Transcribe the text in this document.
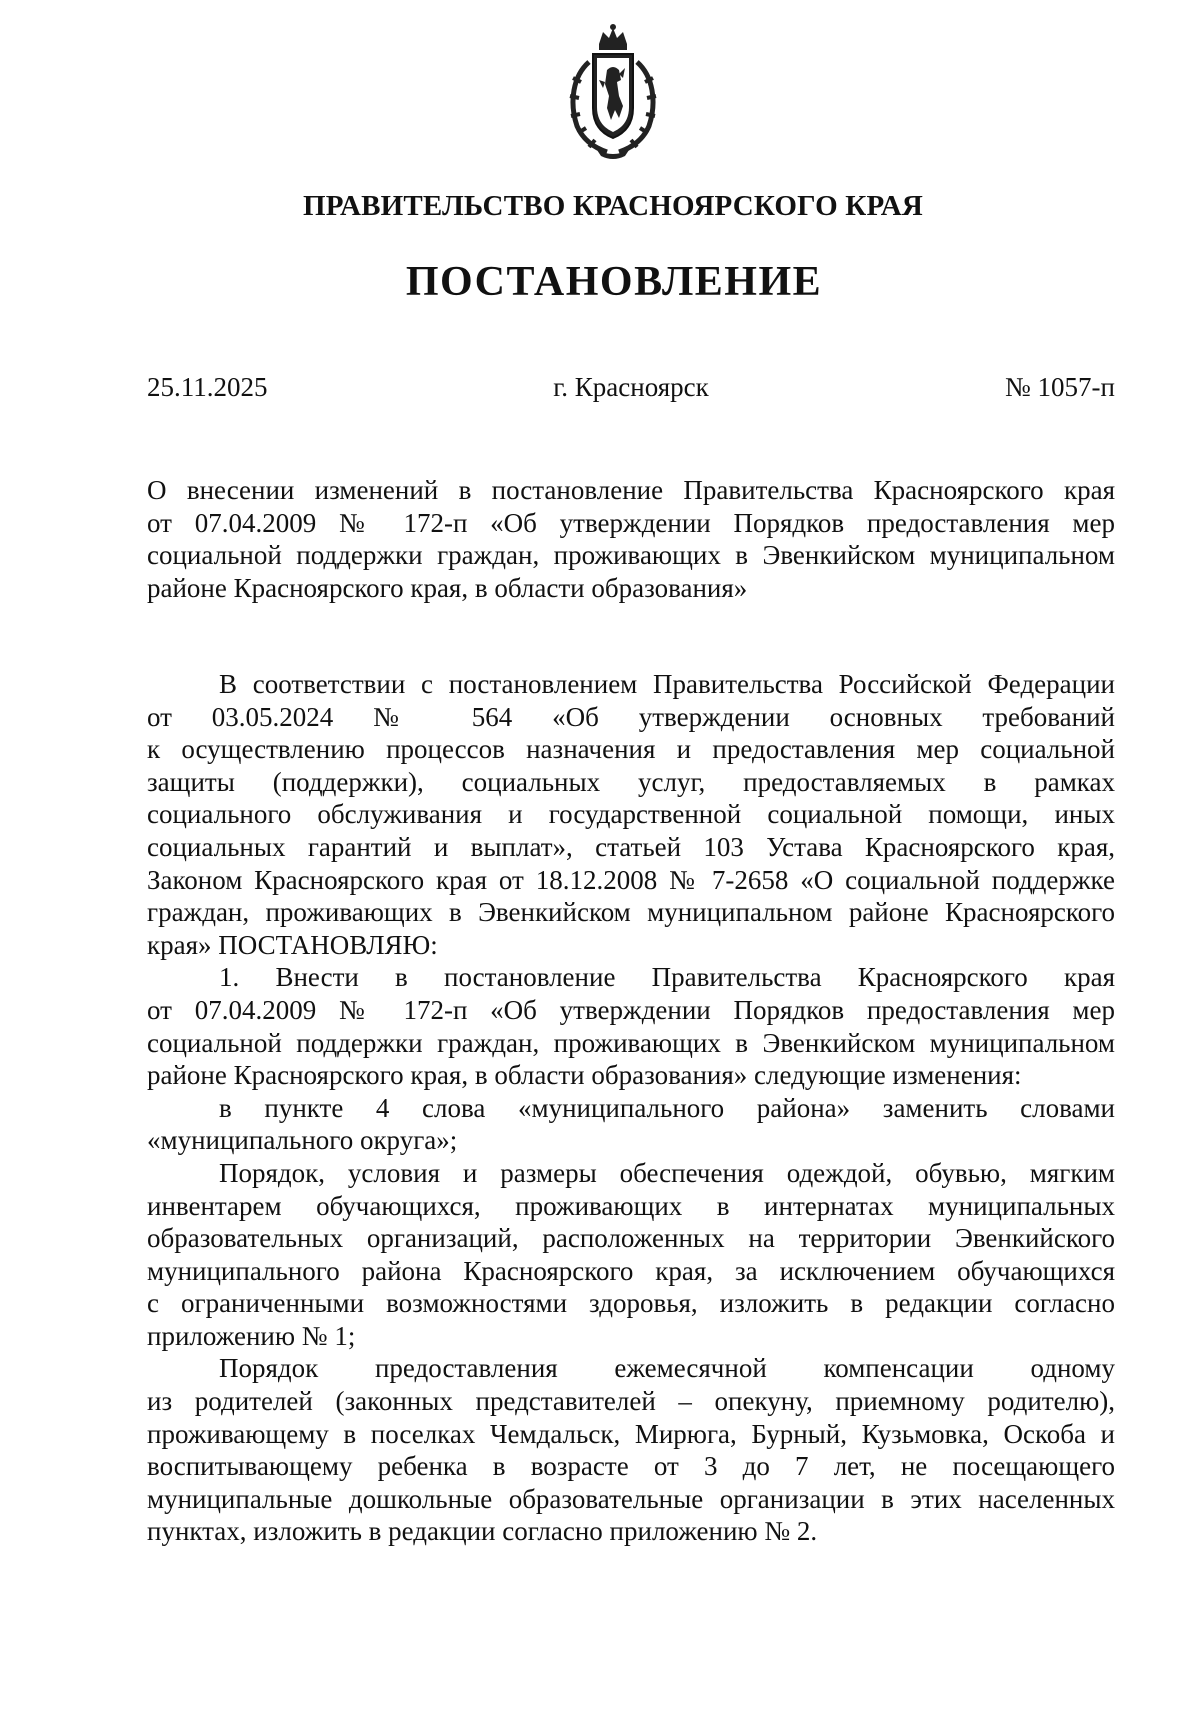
ПРАВИТЕЛЬСТВО КРАСНОЯРСКОГО КРАЯ
ПОСТАНОВЛЕНИЕ
25.11.2025	г. Красноярск	№ 1057-п
О внесении изменений в постановление Правительства Красноярского края
от 07.04.2009 № 172-п «Об утверждении Порядков предоставления мер
социальной поддержки граждан, проживающих в Эвенкийском муниципальном
районе Красноярского края, в области образования»
В соответствии с постановлением Правительства Российской Федерации
от 03.05.2024 № 564 «Об утверждении основных требований
к осуществлению процессов назначения и предоставления мер социальной
защиты (поддержки), социальных услуг, предоставляемых в рамках
социального обслуживания и государственной социальной помощи, иных
социальных гарантий и выплат», статьей 103 Устава Красноярского края,
Законом Красноярского края от 18.12.2008 № 7-2658 «О социальной поддержке
граждан, проживающих в Эвенкийском муниципальном районе Красноярского
края» ПОСТАНОВЛЯЮ:
1. Внести в постановление Правительства Красноярского края
от 07.04.2009 № 172-п «Об утверждении Порядков предоставления мер
социальной поддержки граждан, проживающих в Эвенкийском муниципальном
районе Красноярского края, в области образования» следующие изменения:
в пункте 4 слова «муниципального района» заменить словами
«муниципального округа»;
Порядок, условия и размеры обеспечения одеждой, обувью, мягким
инвентарем обучающихся, проживающих в интернатах муниципальных
образовательных организаций, расположенных на территории Эвенкийского
муниципального района Красноярского края, за исключением обучающихся
с ограниченными возможностями здоровья, изложить в редакции согласно
приложению № 1;
Порядок предоставления ежемесячной компенсации одному
из родителей (законных представителей – опекуну, приемному родителю),
проживающему в поселках Чемдальск, Мирюга, Бурный, Кузьмовка, Оскоба и
воспитывающему ребенка в возрасте от 3 до 7 лет, не посещающего
муниципальные дошкольные образовательные организации в этих населенных
пунктах, изложить в редакции согласно приложению № 2.
